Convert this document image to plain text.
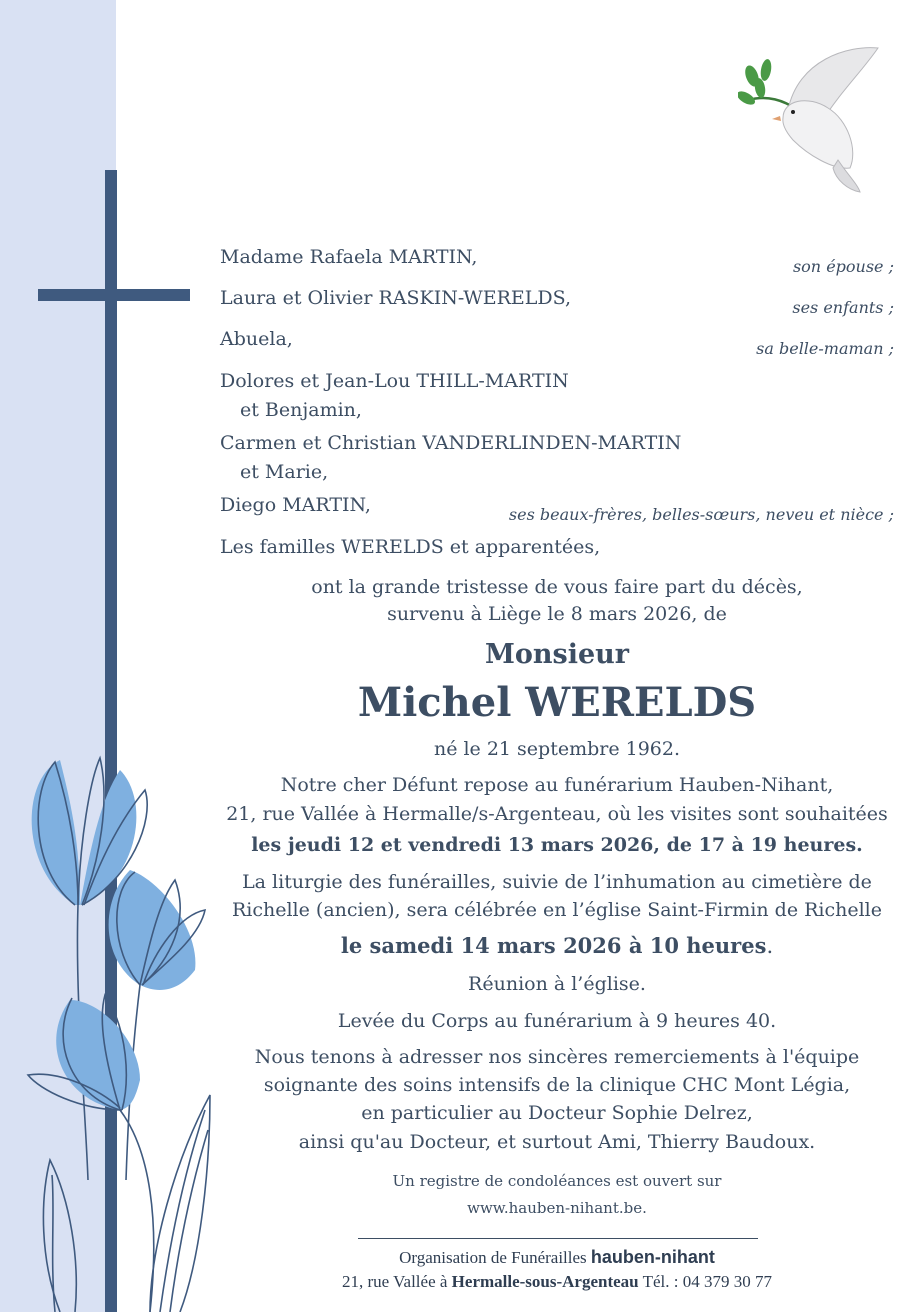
Madame Rafaela MARTIN,
Laura et Olivier RASKIN-WERELDS,
Abuela,
Dolores et Jean-Lou THILL-MARTIN
et Benjamin,
Carmen et Christian VANDERLINDEN-MARTIN
et Marie,
Diego MARTIN,
Les familles WERELDS et apparentées,
son épouse ;
ses enfants ;
sa belle-maman ;
ses beaux-frères, belles-sœurs, neveu et nièce ;
ont la grande tristesse de vous faire part du décès,
survenu à Liège le 8 mars 2026, de
Monsieur
Michel WERELDS
né le 21 septembre 1962.
Notre cher Défunt repose au funérarium Hauben-Nihant,
21, rue Vallée à Hermalle/s-Argenteau, où les visites sont souhaitées
les jeudi 12 et vendredi 13 mars 2026, de 17 à 19 heures.
La liturgie des funérailles, suivie de l’inhumation au cimetière de
Richelle (ancien), sera célébrée en l’église Saint-Firmin de Richelle
le samedi 14 mars 2026 à 10 heures.
Réunion à l’église.
Levée du Corps au funérarium à 9 heures 40.
Nous tenons à adresser nos sincères remerciements à l'équipe
soignante des soins intensifs de la clinique CHC Mont Légia,
en particulier au Docteur Sophie Delrez,
ainsi qu'au Docteur, et surtout Ami, Thierry Baudoux.
Un registre de condoléances est ouvert sur
www.hauben-nihant.be.
Organisation de Funérailles hauben-nihant
21, rue Vallée à Hermalle-sous-Argenteau Tél. : 04 379 30 77
